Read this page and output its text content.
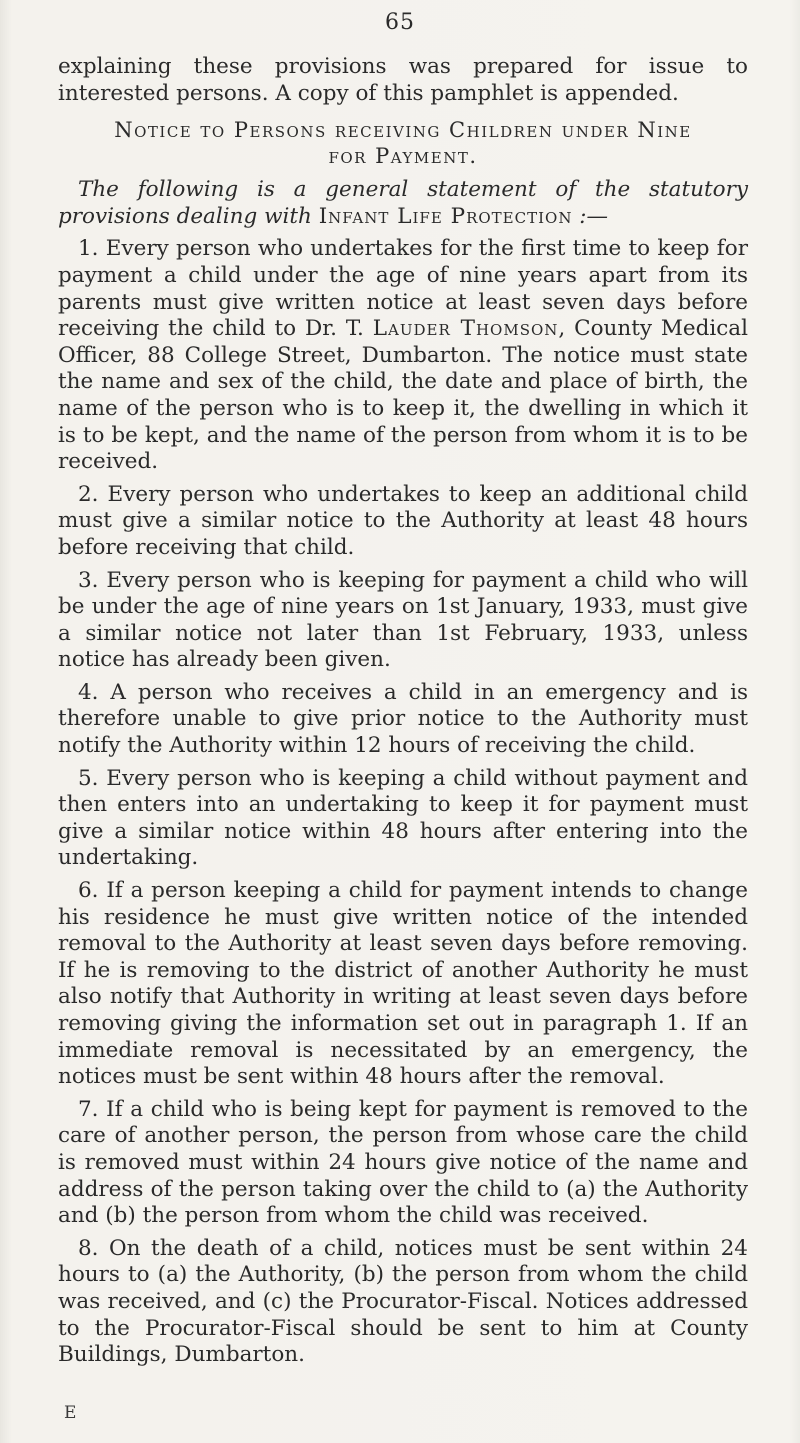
65

explaining these provisions was prepared for issue to interested persons. A copy of this pamphlet is appended.

Notice to Persons receiving Children under Nine
for Payment.

The following is a general statement of the statutory provisions dealing with Infant Life Protection :—

1. Every person who undertakes for the first time to keep for payment a child under the age of nine years apart from its parents must give written notice at least seven days before receiving the child to Dr. T. Lauder Thomson, County Medical Officer, 88 College Street, Dumbarton. The notice must state the name and sex of the child, the date and place of birth, the name of the person who is to keep it, the dwelling in which it is to be kept, and the name of the person from whom it is to be received.

2. Every person who undertakes to keep an additional child must give a similar notice to the Authority at least 48 hours before receiving that child.

3. Every person who is keeping for payment a child who will be under the age of nine years on 1st January, 1933, must give a similar notice not later than 1st February, 1933, unless notice has already been given.

4. A person who receives a child in an emergency and is therefore unable to give prior notice to the Authority must notify the Authority within 12 hours of receiving the child.

5. Every person who is keeping a child without payment and then enters into an undertaking to keep it for payment must give a similar notice within 48 hours after entering into the undertaking.

6. If a person keeping a child for payment intends to change his residence he must give written notice of the intended removal to the Authority at least seven days before removing. If he is removing to the district of another Authority he must also notify that Authority in writing at least seven days before removing giving the information set out in paragraph 1. If an immediate removal is necessitated by an emergency, the notices must be sent within 48 hours after the removal.

7. If a child who is being kept for payment is removed to the care of another person, the person from whose care the child is removed must within 24 hours give notice of the name and address of the person taking over the child to (a) the Authority and (b) the person from whom the child was received.

8. On the death of a child, notices must be sent within 24 hours to (a) the Authority, (b) the person from whom the child was received, and (c) the Procurator-Fiscal. Notices addressed to the Procurator-Fiscal should be sent to him at County Buildings, Dumbarton.

E
